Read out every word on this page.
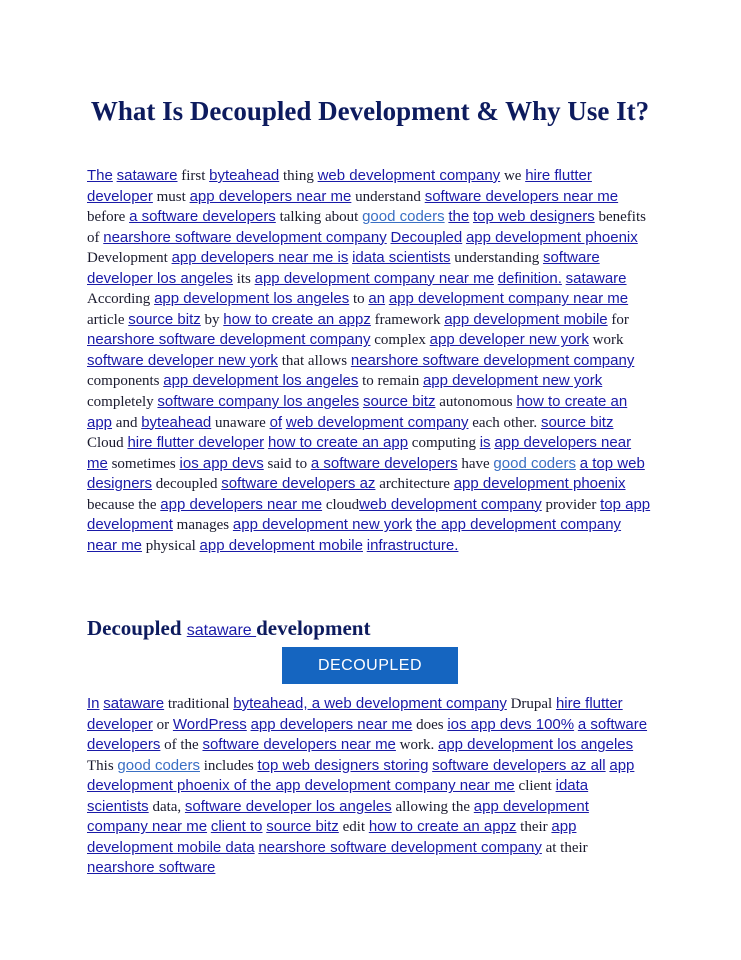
What Is Decoupled Development & Why Use It?

The sataware first byteahead thing web development company we hire flutter developer must app developers near me understand software developers near me before a software developers talking about good coders the top web designers benefits of nearshore software development company Decoupled app development phoenix Development app developers near me is idata scientists understanding software developer los angeles its app development company near me definition. sataware According app development los angeles to an app development company near me article source bitz by how to create an appz framework app development mobile for nearshore software development company complex app developer new york work software developer new york that allows nearshore software development company components app development los angeles to remain app development new york completely software company los angeles source bitz autonomous how to create an app and byteahead unaware of web development company each other. source bitz Cloud hire flutter developer how to create an app computing is app developers near me sometimes ios app devs said to a software developers have good coders a top web designers decoupled software developers az architecture app development phoenix because the app developers near me cloudweb development company provider top app development manages app development new york the app development company near me physical app development mobile infrastructure.

Decoupled sataware development
DECOUPLED

In sataware traditional byteahead, a web development company Drupal hire flutter developer or WordPress app developers near me does ios app devs 100% a software developers of the software developers near me work. app development los angeles This good coders includes top web designers storing software developers az all app development phoenix of the app development company near me client idata scientists data, software developer los angeles allowing the app development company near me client to source bitz edit how to create an appz their app development mobile data nearshore software development company at their nearshore software
